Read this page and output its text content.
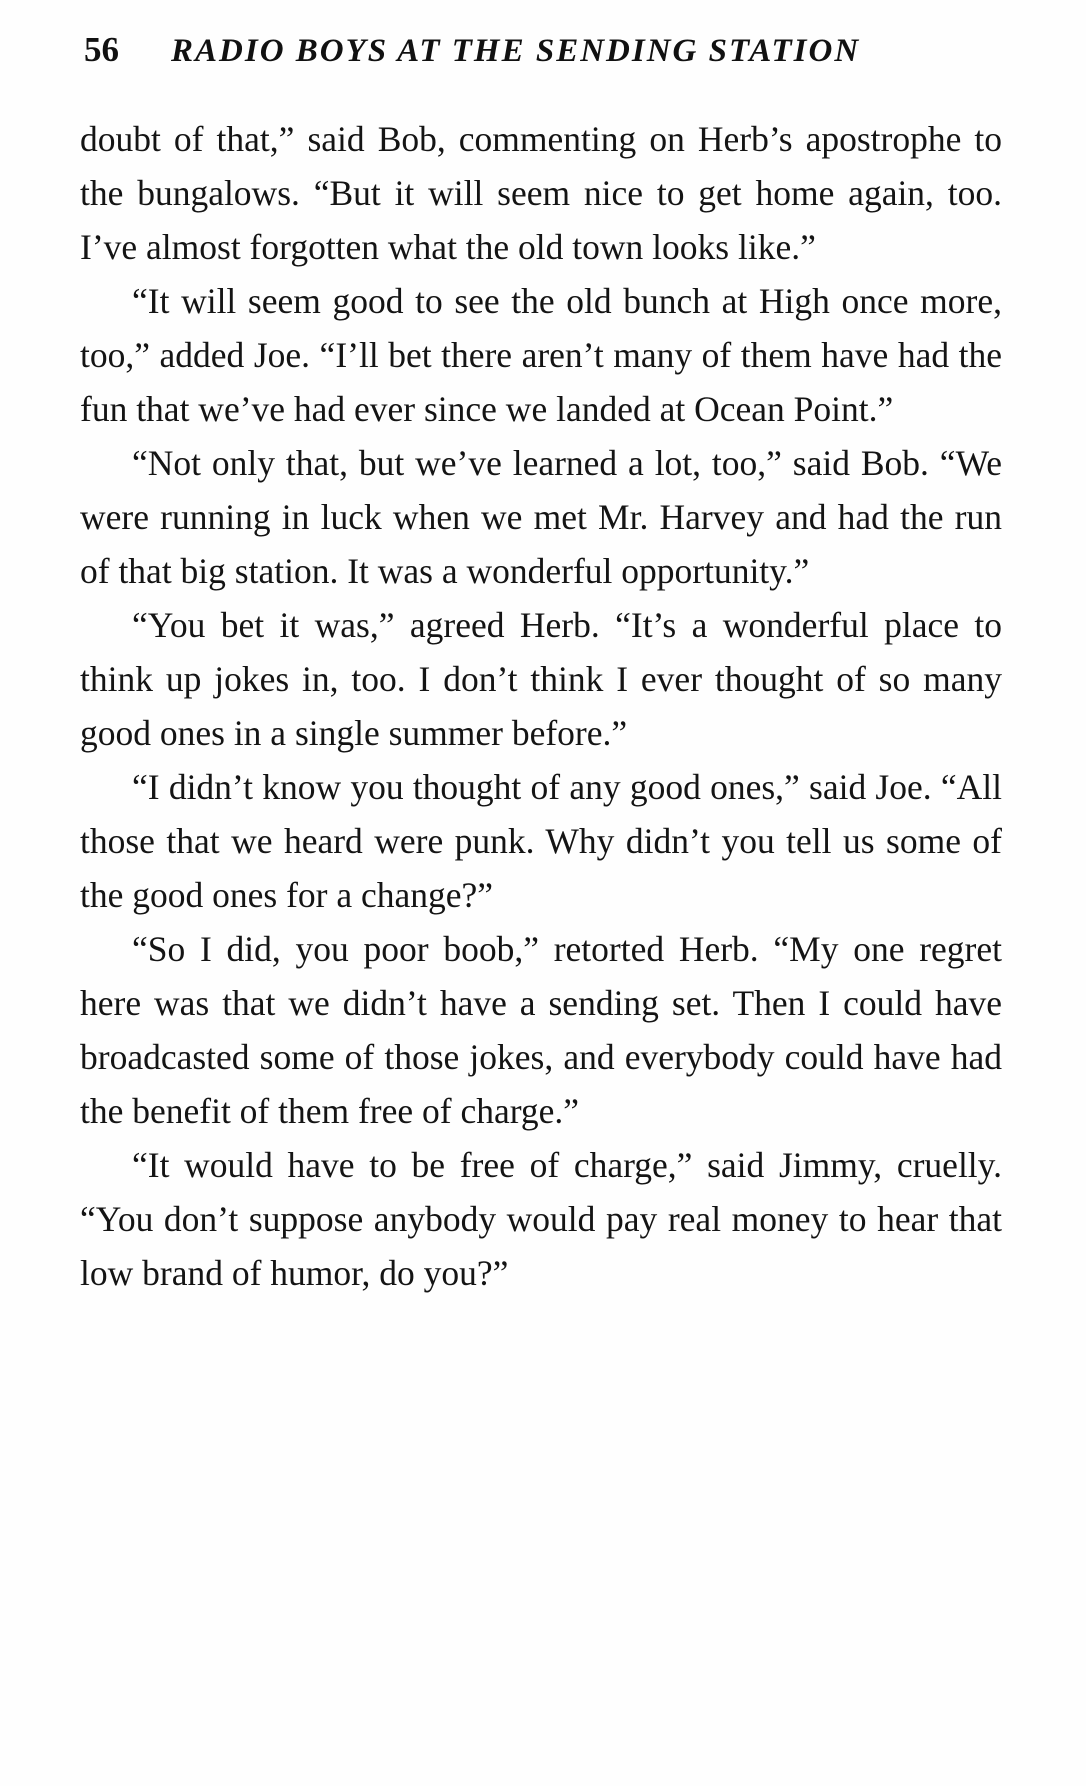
56 RADIO BOYS AT THE SENDING STATION

doubt of that,” said Bob, commenting on Herb’s apostrophe to the bungalows. “But it will seem nice to get home again, too. I’ve almost forgotten what the old town looks like.”

“It will seem good to see the old bunch at High once more, too,” added Joe. “I’ll bet there aren’t many of them have had the fun that we’ve had ever since we landed at Ocean Point.”

“Not only that, but we’ve learned a lot, too,” said Bob. “We were running in luck when we met Mr. Harvey and had the run of that big station. It was a wonderful opportunity.”

“You bet it was,” agreed Herb. “It’s a wonderful place to think up jokes in, too. I don’t think I ever thought of so many good ones in a single summer before.”

“I didn’t know you thought of any good ones,” said Joe. “All those that we heard were punk. Why didn’t you tell us some of the good ones for a change?”

“So I did, you poor boob,” retorted Herb. “My one regret here was that we didn’t have a sending set. Then I could have broadcasted some of those jokes, and everybody could have had the benefit of them free of charge.”

“It would have to be free of charge,” said Jimmy, cruelly. “You don’t suppose anybody would pay real money to hear that low brand of humor, do you?”
